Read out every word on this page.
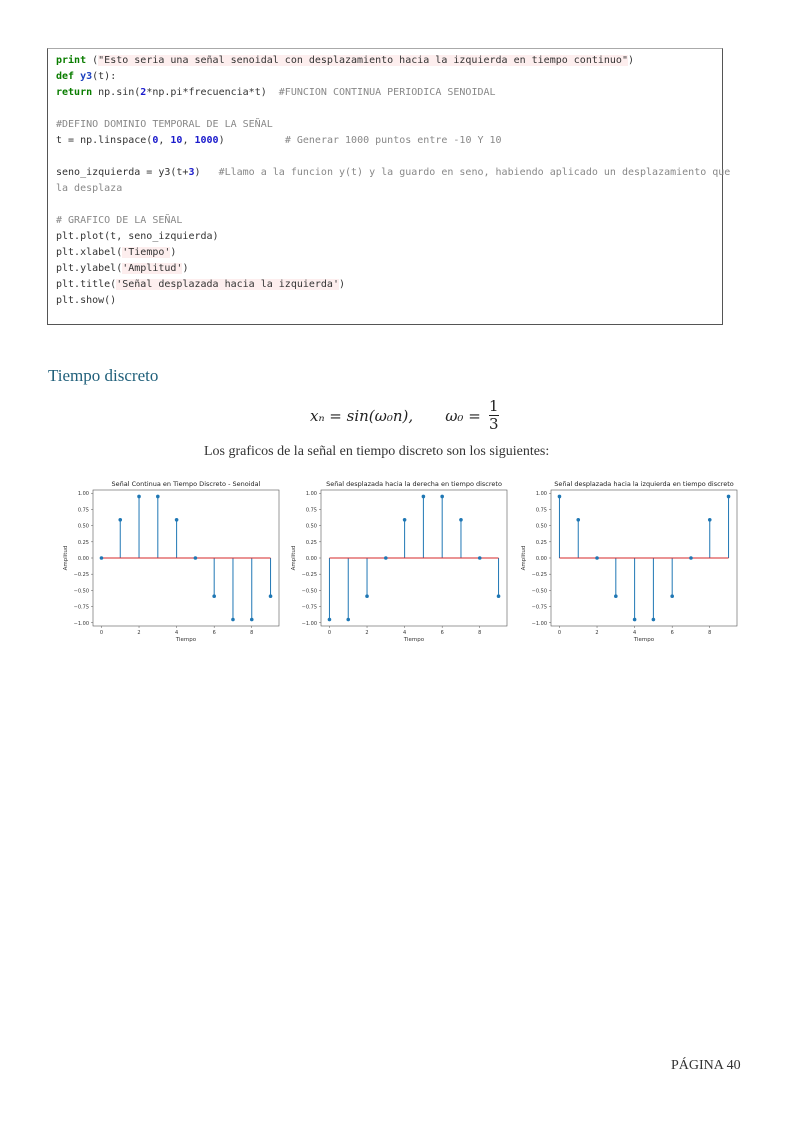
print ("Esto seria una señal senoidal con desplazamiento hacia la izquierda en tiempo continuo")
def y3(t):
return np.sin(2*np.pi*frecuencia*t)  #FUNCION CONTINUA PERIODICA SENOIDAL
#DEFINO DOMINIO TEMPORAL DE LA SEÑAL
t = np.linspace(0, 10, 1000)          # Generar 1000 puntos entre -10 Y 10
seno_izquierda = y3(t+3)   #Llamo a la funcion y(t) y la guardo en seno, habiendo aplicado un desplazamiento que
la desplaza
# GRAFICO DE LA SEÑAL
plt.plot(t, seno_izquierda)
plt.xlabel('Tiempo')
plt.ylabel('Amplitud')
plt.title('Señal desplazada hacia la izquierda')
plt.show()
Tiempo discreto
xₙ = sin(ω₀n), $\omega_0 = \frac{1}{3}$
Los graficos de la señal en tiempo discreto son los siguientes:
Señal Continua en Tiempo Discreto - Senoidal
1.00
0.75
0.50
0.25
0.00
−0.25
−0.50
−0.75
−1.00
0	2	4	6	8
Tiempo
Amplitud
Señal desplazada hacia la derecha en tiempo discreto
1.00
0.75
0.50
0.25
0.00
−0.25
−0.50
−0.75
−1.00
0	2	4	6	8
Tiempo
Amplitud
Señal desplazada hacia la izquierda en tiempo discreto
1.00
0.75
0.50
0.25
0.00
−0.25
−0.50
−0.75
−1.00
0	2	4	6	8
Tiempo
Amplitud
PÁGINA 40
